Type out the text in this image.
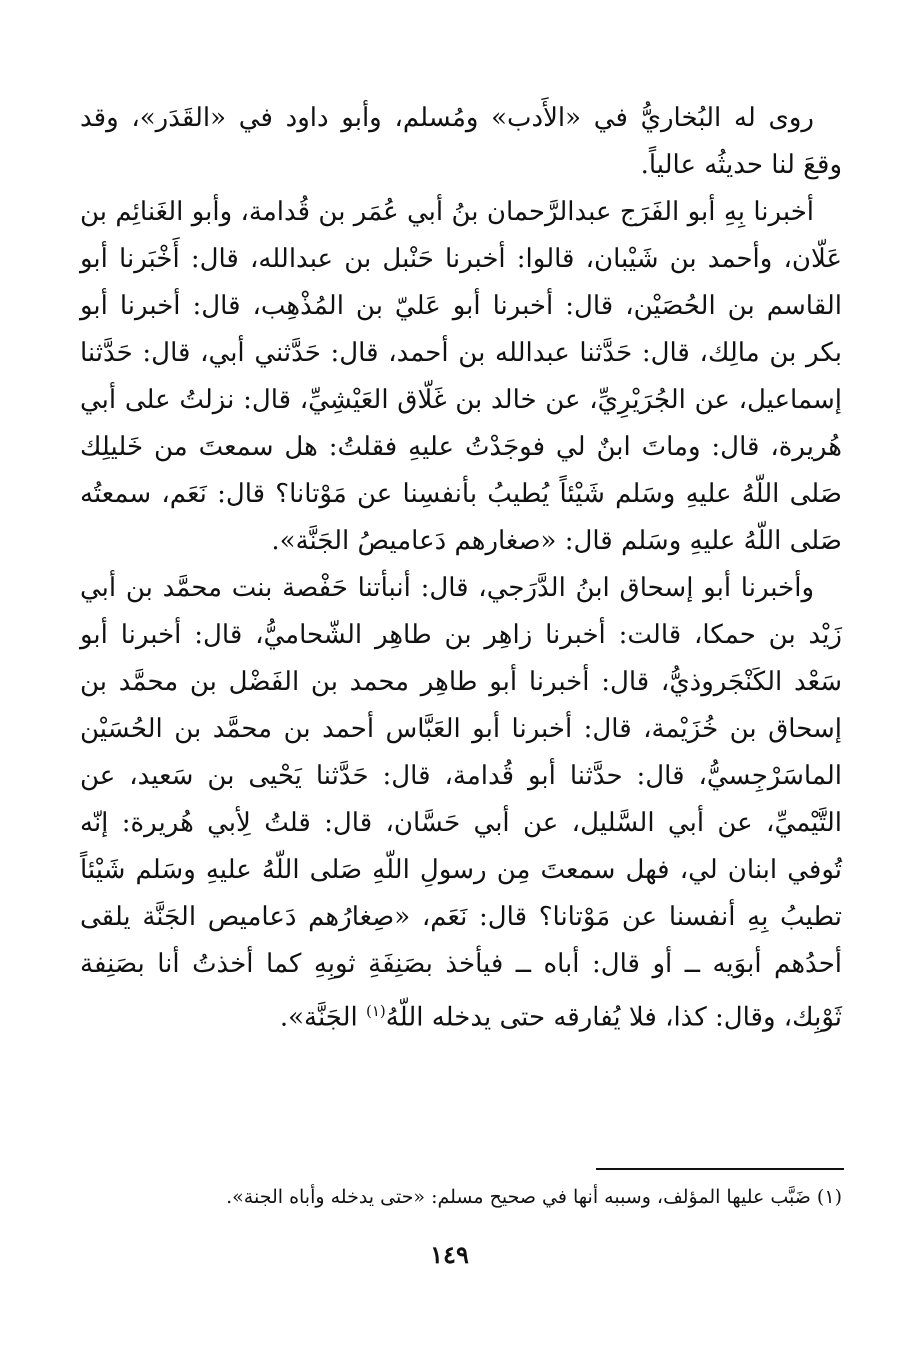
روى له البُخاريُّ في «الأَدب» ومُسلم، وأبو داود في «القَدَر»، وقد وقعَ لنا حديثُه عالياً.

أخبرنا بِهِ أبو الفَرَج عبدالرَّحمان بنُ أبي عُمَر بن قُدامة، وأبو الغَنائِم بن عَلّان، وأحمد بن شَيْبان، قالوا: أخبرنا حَنْبل بن عبدالله، قال: أَخْبَرنا أبو القاسم بن الحُصَيْن، قال: أخبرنا أبو عَليّ بن المُذْهِب، قال: أخبرنا أبو بكر بن مالِك، قال: حَدَّثنا عبدالله بن أحمد، قال: حَدَّثني أبي، قال: حَدَّثنا إسماعيل، عن الجُرَيْرِيِّ، عن خالد بن غَلّاق العَيْشِيِّ، قال: نزلتُ على أبي هُريرة، قال: وماتَ ابنٌ لي فوجَدْتُ عليهِ فقلتُ: هل سمعتَ من خَليلِك صَلى اللّهُ عليهِ وسَلم شَيْئاً يُطيبُ بأنفسِنا عن مَوْتانا؟ قال: نَعَم، سمعتُه صَلى اللّهُ عليهِ وسَلم قال: «صغارهم دَعاميصُ الجَنَّة».

وأخبرنا أبو إسحاق ابنُ الدَّرَجي، قال: أنبأتنا حَفْصة بنت محمَّد بن أبي زَيْد بن حمكا، قالت: أخبرنا زاهِر بن طاهِر الشّحاميُّ، قال: أخبرنا أبو سَعْد الكَنْجَروذيُّ، قال: أخبرنا أبو طاهِر محمد بن الفَضْل بن محمَّد بن إسحاق بن خُزَيْمة، قال: أخبرنا أبو العَبَّاس أحمد بن محمَّد بن الحُسَيْن الماسَرْجِسيُّ، قال: حدَّثنا أبو قُدامة، قال: حَدَّثنا يَحْيى بن سَعيد، عن التَّيْميِّ، عن أبي السَّليل، عن أبي حَسَّان، قال: قلتُ لِأبي هُريرة: إنّه تُوفي ابنان لي، فهل سمعتَ مِن رسولِ اللّهِ صَلى اللّهُ عليهِ وسَلم شَيْئاً تطيبُ بِهِ أنفسنا عن مَوْتانا؟ قال: نَعَم، «صِغارُهم دَعاميص الجَنَّة يلقى أحدُهم أبوَيه ــ أو قال: أباه ــ فيأخذ بصَنِفَةِ ثوبِهِ كما أخذتُ أنا بصَنِفة ثَوْبِك، وقال: كذا، فلا يُفارقه حتى يدخله اللّهُ$^{(١)}$ الجَنَّة».

(١) ضَبَّب عليها المؤلف، وسببه أنها في صحيح مسلم: «حتى يدخله وأباه الجنة».
١٤٩
